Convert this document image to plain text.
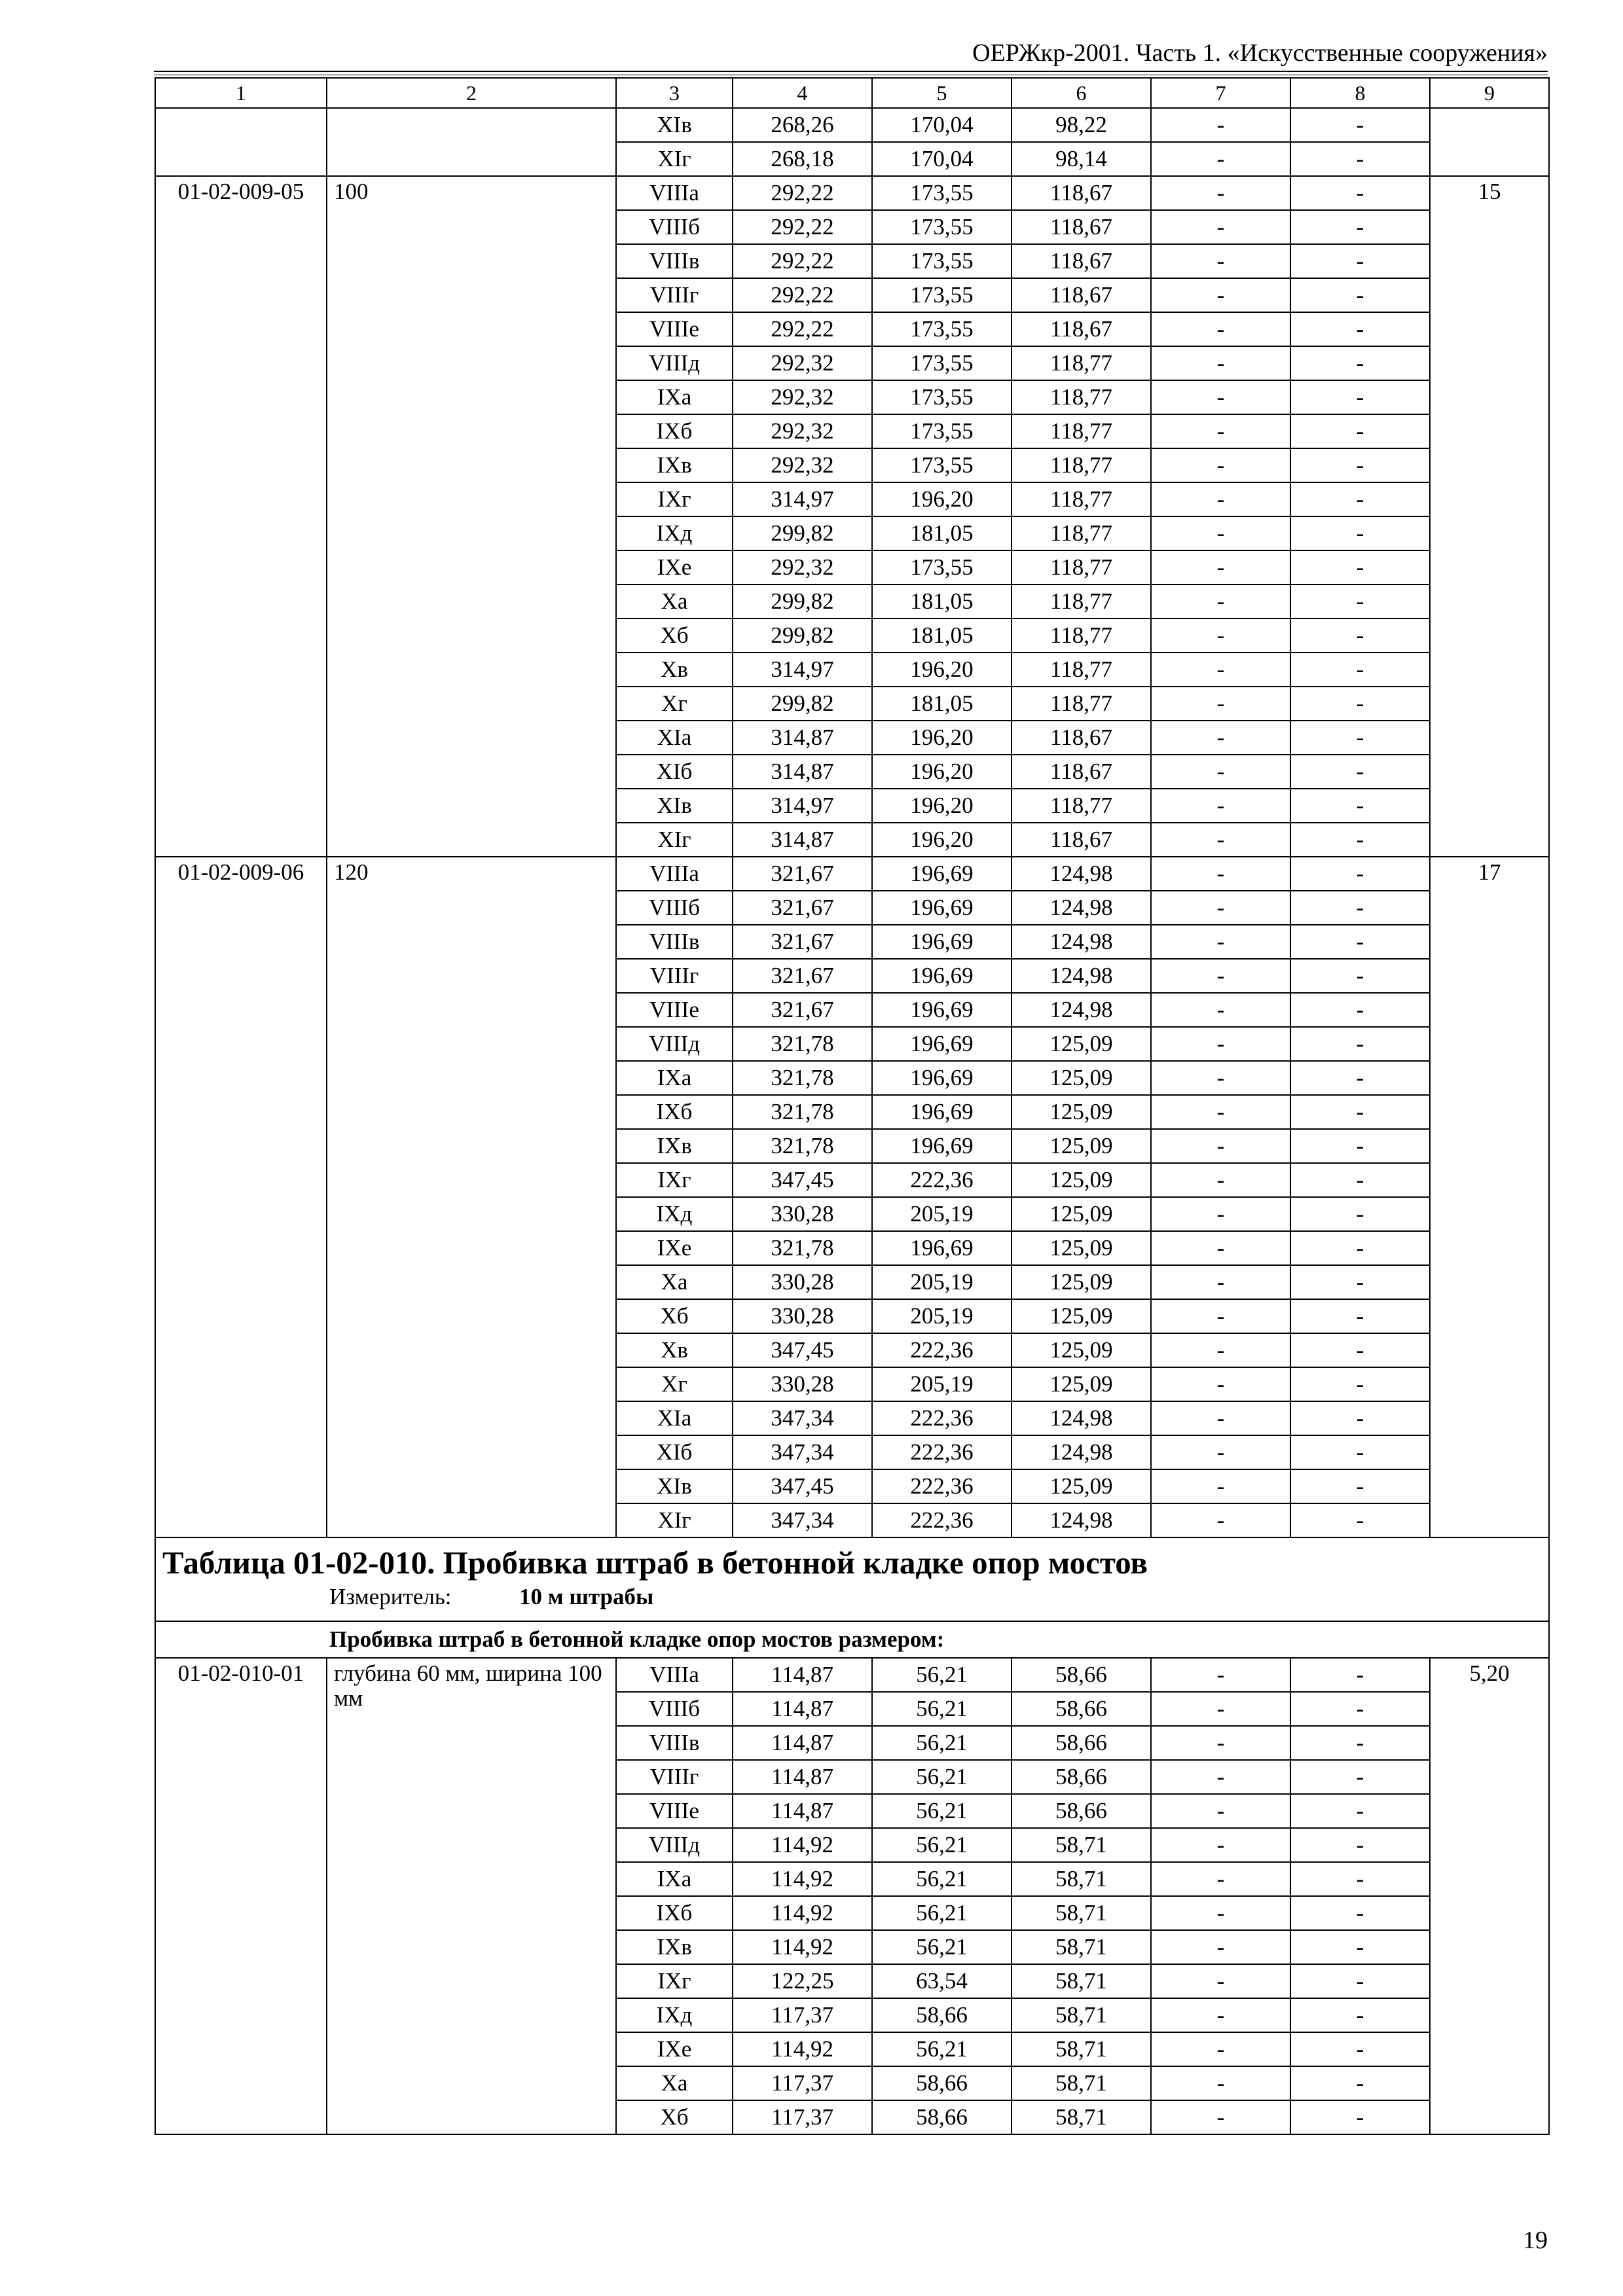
ОЕРЖкр-2001. Часть 1. «Искусственные сооружения»
1	2	3	4	5	6	7	8	9
		XIв	268,26	170,04	98,22	-	-	
		XIг	268,18	170,04	98,14	-	-	
01-02-009-05	100	VIIIа	292,22	173,55	118,67	-	-	15
		VIIIб	292,22	173,55	118,67	-	-	
		VIIIв	292,22	173,55	118,67	-	-	
		VIIIг	292,22	173,55	118,67	-	-	
		VIIIе	292,22	173,55	118,67	-	-	
		VIIIд	292,32	173,55	118,77	-	-	
		IXа	292,32	173,55	118,77	-	-	
		IXб	292,32	173,55	118,77	-	-	
		IXв	292,32	173,55	118,77	-	-	
		IXг	314,97	196,20	118,77	-	-	
		IXд	299,82	181,05	118,77	-	-	
		IXе	292,32	173,55	118,77	-	-	
		Xа	299,82	181,05	118,77	-	-	
		Xб	299,82	181,05	118,77	-	-	
		Xв	314,97	196,20	118,77	-	-	
		Xг	299,82	181,05	118,77	-	-	
		XIа	314,87	196,20	118,67	-	-	
		XIб	314,87	196,20	118,67	-	-	
		XIв	314,97	196,20	118,77	-	-	
		XIг	314,87	196,20	118,67	-	-	
01-02-009-06	120	VIIIа	321,67	196,69	124,98	-	-	17
		VIIIб	321,67	196,69	124,98	-	-	
		VIIIв	321,67	196,69	124,98	-	-	
		VIIIг	321,67	196,69	124,98	-	-	
		VIIIе	321,67	196,69	124,98	-	-	
		VIIIд	321,78	196,69	125,09	-	-	
		IXа	321,78	196,69	125,09	-	-	
		IXб	321,78	196,69	125,09	-	-	
		IXв	321,78	196,69	125,09	-	-	
		IXг	347,45	222,36	125,09	-	-	
		IXд	330,28	205,19	125,09	-	-	
		IXе	321,78	196,69	125,09	-	-	
		Xа	330,28	205,19	125,09	-	-	
		Xб	330,28	205,19	125,09	-	-	
		Xв	347,45	222,36	125,09	-	-	
		Xг	330,28	205,19	125,09	-	-	
		XIа	347,34	222,36	124,98	-	-	
		XIб	347,34	222,36	124,98	-	-	
		XIв	347,45	222,36	125,09	-	-	
		XIг	347,34	222,36	124,98	-	-	

Таблица 01-02-010. Пробивка штраб в бетонной кладке опор мостов
Измеритель: 10 м штрабы								

Пробивка штраб в бетонной кладке опор мостов размером:								
01-02-010-01	глубина 60 мм, ширина 100 мм	VIIIа	114,87	56,21	58,66	-	-	5,20
		VIIIб	114,87	56,21	58,66	-	-	
		VIIIв	114,87	56,21	58,66	-	-	
		VIIIг	114,87	56,21	58,66	-	-	
		VIIIе	114,87	56,21	58,66	-	-	
		VIIIд	114,92	56,21	58,71	-	-	
		IXа	114,92	56,21	58,71	-	-	
		IXб	114,92	56,21	58,71	-	-	
		IXв	114,92	56,21	58,71	-	-	
		IXг	122,25	63,54	58,71	-	-	
		IXд	117,37	58,66	58,71	-	-	
		IXе	114,92	56,21	58,71	-	-	
		Xа	117,37	58,66	58,71	-	-	
		Xб	117,37	58,66	58,71	-	-	
19
